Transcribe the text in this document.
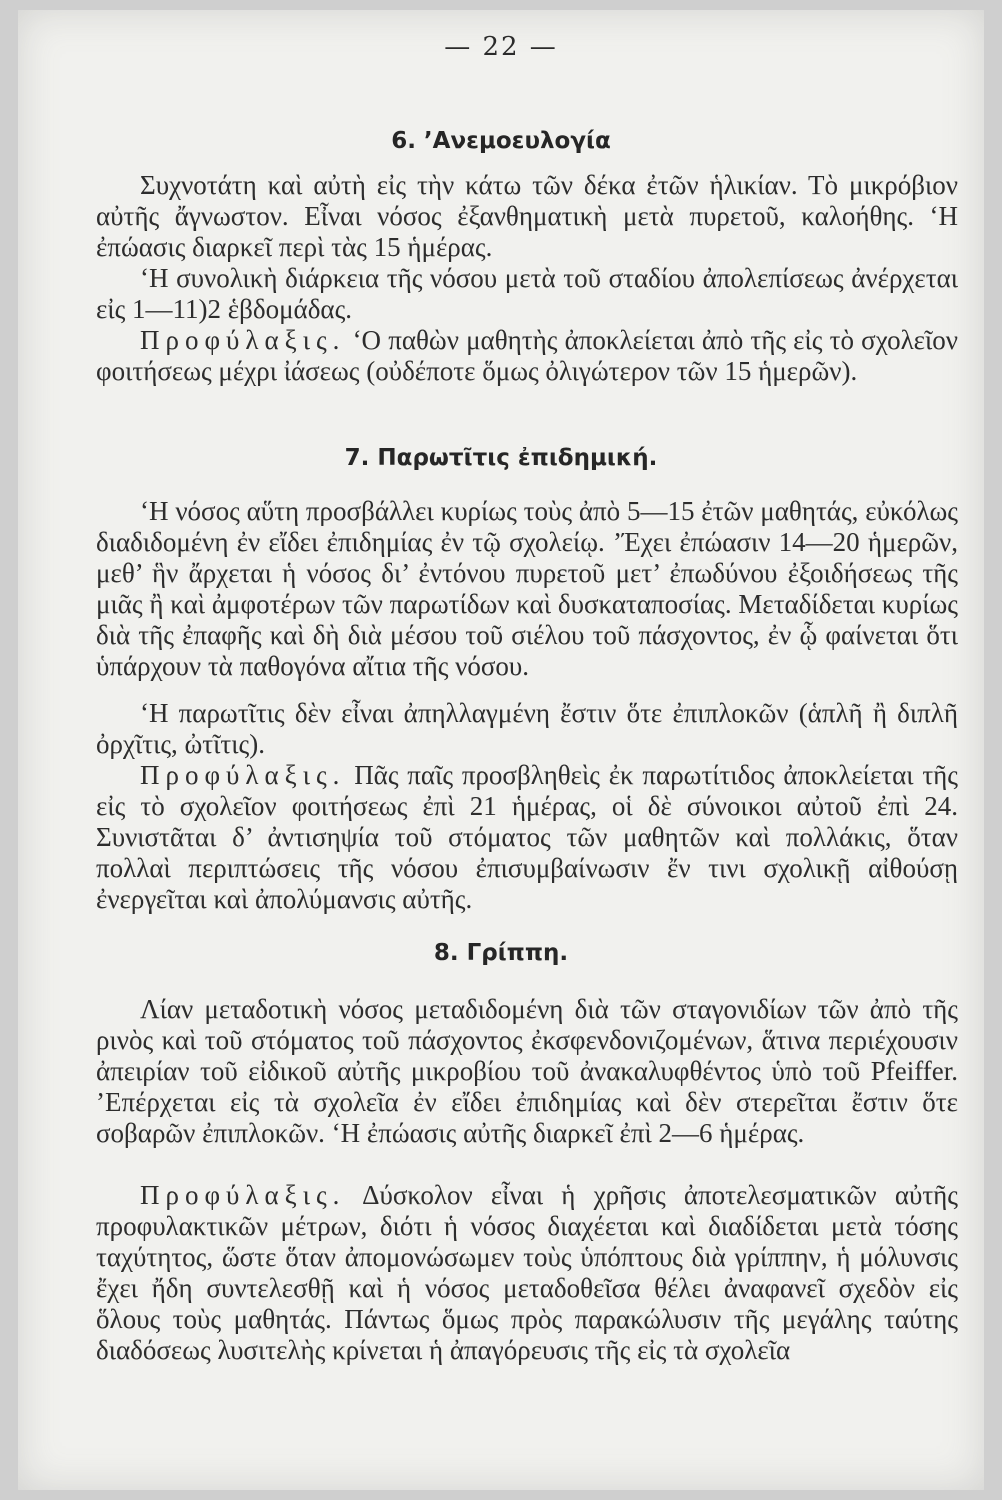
— 22 —
6. ’Ανεμοευλογία
Συχνοτάτη καὶ αὐτὴ εἰς τὴν κάτω τῶν δέκα ἐτῶν ἡλικίαν. Τὸ μικρόβιον αὐτῆς ἄγνωστον. Εἶναι νόσος ἐξανθηματικὴ μετὰ πυρετοῦ, καλοήθης. ‘Η ἐπώασις διαρκεῖ περὶ τὰς 15 ἡμέρας.
‘Η συνολικὴ διάρκεια τῆς νόσου μετὰ τοῦ σταδίου ἀπολεπίσεως ἀνέρχεται εἰς 1—11)2 ἑβδομάδας.
Προφύλαξις. ‘Ο παθὼν μαθητὴς ἀποκλείεται ἀπὸ τῆς εἰς τὸ σχολεῖον φοιτήσεως μέχρι ἰάσεως (οὐδέποτε ὅμως ὀλιγώτερον τῶν 15 ἡμερῶν).
7. Παρωτῖτις ἐπιδημική.
‘Η νόσος αὕτη προσβάλλει κυρίως τοὺς ἀπὸ 5—15 ἐτῶν μαθητάς, εὐκόλως διαδιδομένη ἐν εἴδει ἐπιδημίας ἐν τῷ σχολείῳ. ’Έχει ἐπώασιν 14—20 ἡμερῶν, μεθ’ ἣν ἄρχεται ἡ νόσος δι’ ἐντόνου πυρετοῦ μετ’ ἐπωδύνου ἐξοιδήσεως τῆς μιᾶς ἢ καὶ ἀμφοτέρων τῶν παρωτίδων καὶ δυσκαταποσίας. Μεταδίδεται κυρίως διὰ τῆς ἐπαφῆς καὶ δὴ διὰ μέσου τοῦ σιέλου τοῦ πάσχοντος, ἐν ᾧ φαίνεται ὅτι ὑπάρχουν τὰ παθογόνα αἴτια τῆς νόσου.
‘Η παρωτῖτις δὲν εἶναι ἀπηλλαγμένη ἔστιν ὅτε ἐπιπλοκῶν (ἁπλῆ ἢ διπλῆ ὀρχῖτις, ὠτῖτις).
Προφύλαξις. Πᾶς παῖς προσβληθεὶς ἐκ παρωτίτιδος ἀποκλείεται τῆς εἰς τὸ σχολεῖον φοιτήσεως ἐπὶ 21 ἡμέρας, οἱ δὲ σύνοικοι αὐτοῦ ἐπὶ 24. Συνιστᾶται δ’ ἀντισηψία τοῦ στόματος τῶν μαθητῶν καὶ πολλάκις, ὅταν πολλαὶ περιπτώσεις τῆς νόσου ἐπισυμβαίνωσιν ἔν τινι σχολικῇ αἰθούσῃ ἐνεργεῖται καὶ ἀπολύμανσις αὐτῆς.
8. Γρίππη.
Λίαν μεταδοτικὴ νόσος μεταδιδομένη διὰ τῶν σταγονιδίων τῶν ἀπὸ τῆς ρινὸς καὶ τοῦ στόματος τοῦ πάσχοντος ἐκσφενδονιζομένων, ἅτινα περιέχουσιν ἀπειρίαν τοῦ εἰδικοῦ αὐτῆς μικροβίου τοῦ ἀνακαλυφθέντος ὑπὸ τοῦ Pfeiffer. ’Επέρχεται εἰς τὰ σχολεῖα ἐν εἴδει ἐπιδημίας καὶ δὲν στερεῖται ἔστιν ὅτε σοβαρῶν ἐπιπλοκῶν. ‘Η ἐπώασις αὐτῆς διαρκεῖ ἐπὶ 2—6 ἡμέρας.
Προφύλαξις. Δύσκολον εἶναι ἡ χρῆσις ἀποτελεσματικῶν αὐτῆς προφυλακτικῶν μέτρων, διότι ἡ νόσος διαχέεται καὶ διαδίδεται μετὰ τόσης ταχύτητος, ὥστε ὅταν ἀπομονώσωμεν τοὺς ὑπόπτους διὰ γρίππην, ἡ μόλυνσις ἔχει ἤδη συντελεσθῇ καὶ ἡ νόσος μεταδοθεῖσα θέλει ἀναφανεῖ σχεδὸν εἰς ὅλους τοὺς μαθητάς. Πάντως ὅμως πρὸς παρακώλυσιν τῆς μεγάλης ταύτης διαδόσεως λυσιτελὴς κρίνεται ἡ ἀπαγόρευσις τῆς εἰς τὰ σχολεῖα
